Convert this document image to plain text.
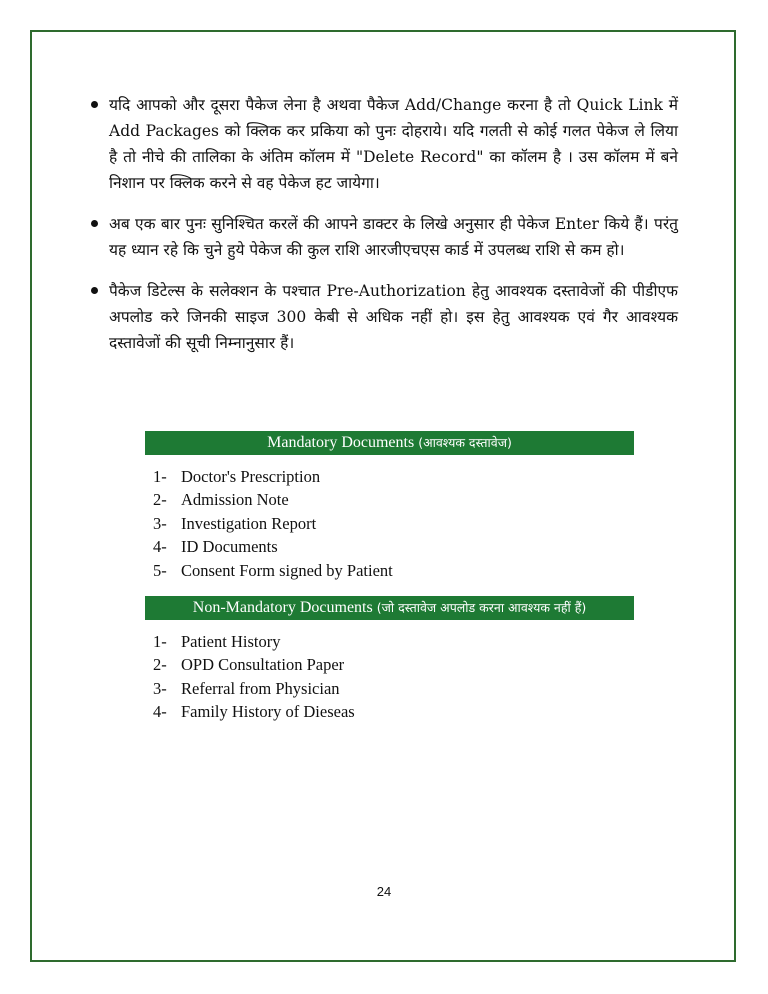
यदि आपको और दूसरा पैकेज लेना है अथवा पैकेज Add/Change करना है तो Quick Link में Add Packages को क्लिक कर प्रकिया को पुनः दोहराये। यदि गलती से कोई गलत पेकेज ले लिया है तो नीचे की तालिका के अंतिम कॉलम में "Delete Record" का कॉलम है । उस कॉलम में बने निशान पर क्लिक करने से वह पेकेज हट जायेगा।
अब एक बार पुनः सुनिश्चित करलें की आपने डाक्टर के लिखे अनुसार ही पेकेज Enter किये हैं। परंतु यह ध्यान रहे कि चुने हुये पेकेज की कुल राशि आरजीएचएस कार्ड में उपलब्ध राशि से कम हो।
पैकेज डिटेल्स के सलेक्शन के पश्चात Pre-Authorization हेतु आवश्यक दस्तावेजों की पीडीएफ अपलोड करे जिनकी साइज 300 केबी से अधिक नहीं हो। इस हेतु आवश्यक एवं गैर आवश्यक दस्तावेजों की सूची निम्नानुसार हैं।
Mandatory Documents (आवश्यक दस्तावेज)
1- Doctor's Prescription
2- Admission Note
3- Investigation Report
4- ID Documents
5- Consent Form signed by Patient
Non-Mandatory Documents (जो दस्तावेज अपलोड करना आवश्यक नहीं हैं)
1- Patient History
2- OPD Consultation Paper
3- Referral from Physician
4- Family History of Dieseas
24
